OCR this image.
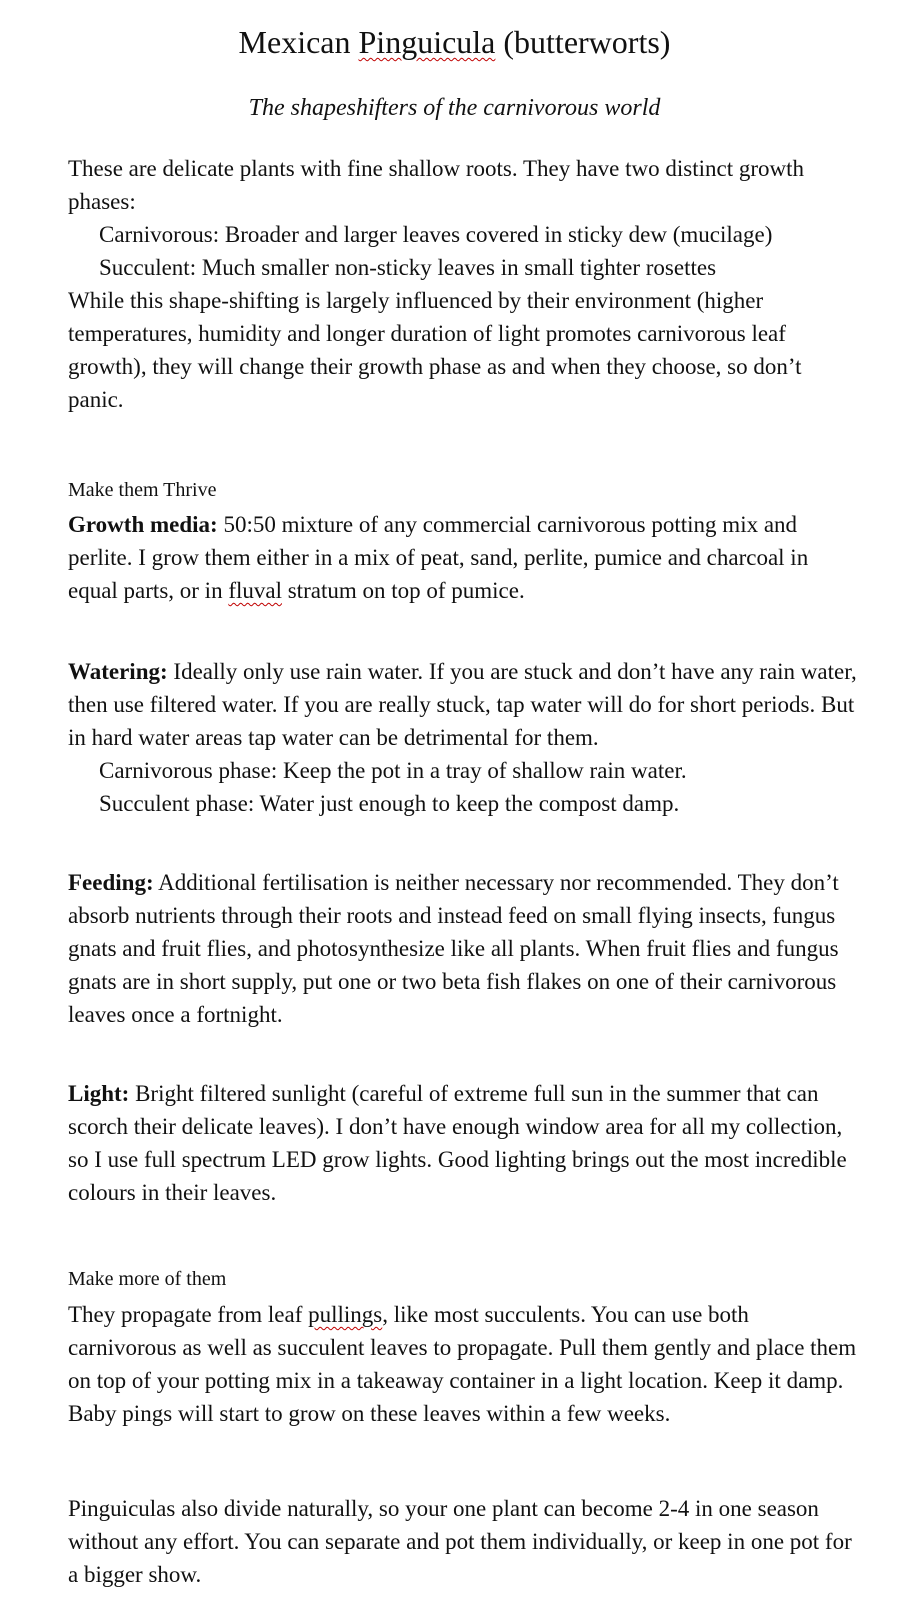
Mexican Pinguicula (butterworts)

The shapeshifters of the carnivorous world

These are delicate plants with fine shallow roots. They have two distinct growth phases:

Carnivorous: Broader and larger leaves covered in sticky dew (mucilage)

Succulent: Much smaller non-sticky leaves in small tighter rosettes

While this shape-shifting is largely influenced by their environment (higher temperatures, humidity and longer duration of light promotes carnivorous leaf growth), they will change their growth phase as and when they choose, so don’t panic.

Make them Thrive

Growth media: 50:50 mixture of any commercial carnivorous potting mix and perlite. I grow them either in a mix of peat, sand, perlite, pumice and charcoal in equal parts, or in fluval stratum on top of pumice.

Watering: Ideally only use rain water. If you are stuck and don’t have any rain water, then use filtered water. If you are really stuck, tap water will do for short periods. But in hard water areas tap water can be detrimental for them.

Carnivorous phase: Keep the pot in a tray of shallow rain water.

Succulent phase: Water just enough to keep the compost damp.

Feeding: Additional fertilisation is neither necessary nor recommended. They don’t absorb nutrients through their roots and instead feed on small flying insects, fungus gnats and fruit flies, and photosynthesize like all plants. When fruit flies and fungus gnats are in short supply, put one or two beta fish flakes on one of their carnivorous leaves once a fortnight.

Light: Bright filtered sunlight (careful of extreme full sun in the summer that can scorch their delicate leaves). I don’t have enough window area for all my collection, so I use full spectrum LED grow lights. Good lighting brings out the most incredible colours in their leaves.

Make more of them

They propagate from leaf pullings, like most succulents. You can use both carnivorous as well as succulent leaves to propagate. Pull them gently and place them on top of your potting mix in a takeaway container in a light location. Keep it damp. Baby pings will start to grow on these leaves within a few weeks.

Pinguiculas also divide naturally, so your one plant can become 2-4 in one season without any effort. You can separate and pot them individually, or keep in one pot for a bigger show.
